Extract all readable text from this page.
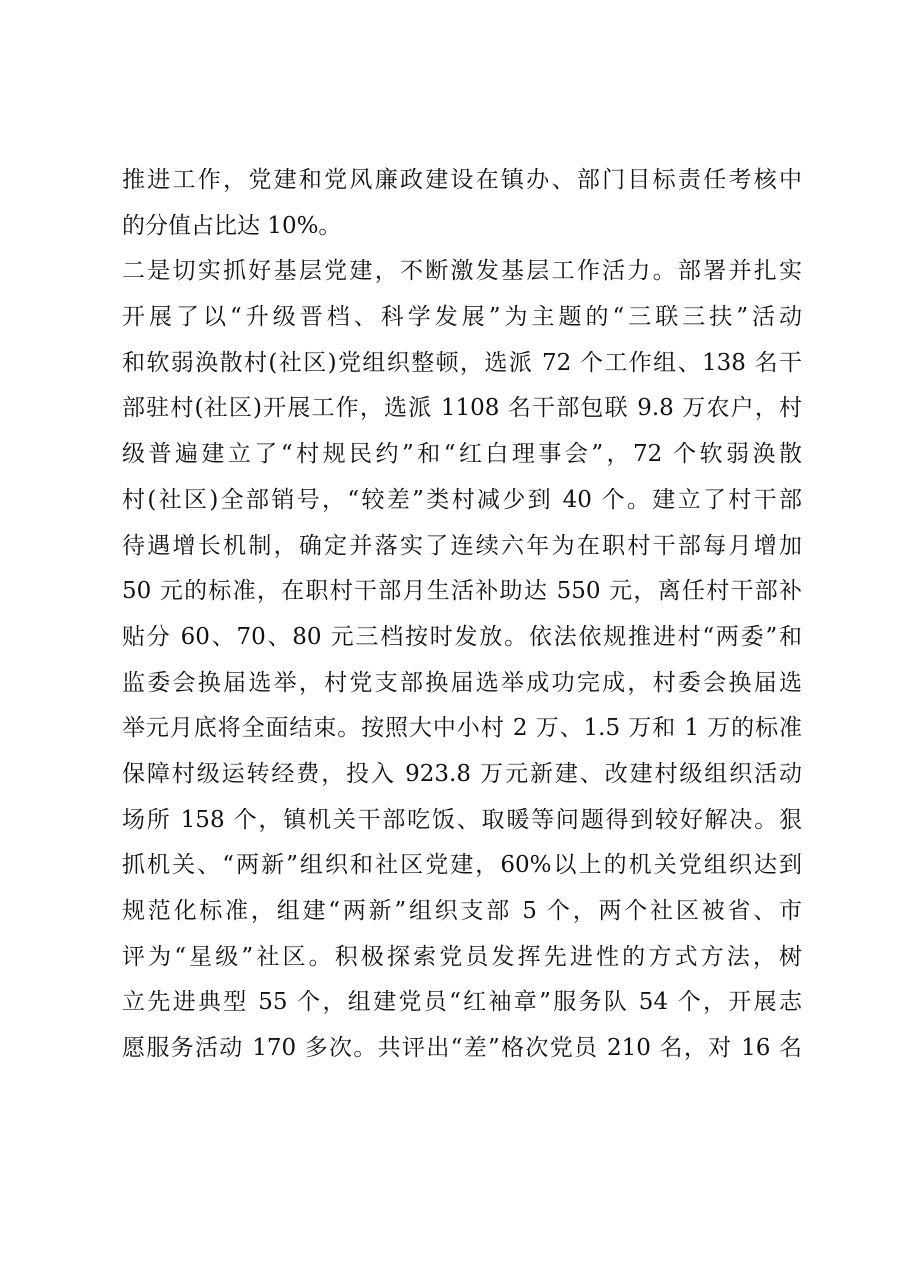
推进工作，党建和党风廉政建设在镇办、部门目标责任考核中
的分值占比达 10%。
二是切实抓好基层党建，不断激发基层工作活力。部署并扎实
开展了以“升级晋档、科学发展”为主题的“三联三扶”活动
和软弱涣散村(社区)党组织整顿，选派 72 个工作组、138 名干
部驻村(社区)开展工作，选派 1108 名干部包联 9.8 万农户，村
级普遍建立了“村规民约”和“红白理事会”，72 个软弱涣散
村(社区)全部销号，“较差”类村减少到 40 个。建立了村干部
待遇增长机制，确定并落实了连续六年为在职村干部每月增加
50 元的标准，在职村干部月生活补助达 550 元，离任村干部补
贴分 60、70、80 元三档按时发放。依法依规推进村“两委”和
监委会换届选举，村党支部换届选举成功完成，村委会换届选
举元月底将全面结束。按照大中小村 2 万、1.5 万和 1 万的标准
保障村级运转经费，投入 923.8 万元新建、改建村级组织活动
场所 158 个，镇机关干部吃饭、取暖等问题得到较好解决。狠
抓机关、“两新”组织和社区党建，60%以上的机关党组织达到
规范化标准，组建“两新”组织支部 5 个，两个社区被省、市
评为“星级”社区。积极探索党员发挥先进性的方式方法，树
立先进典型 55 个，组建党员“红袖章”服务队 54 个，开展志
愿服务活动 170 多次。共评出“差”格次党员 210 名，对 16 名
